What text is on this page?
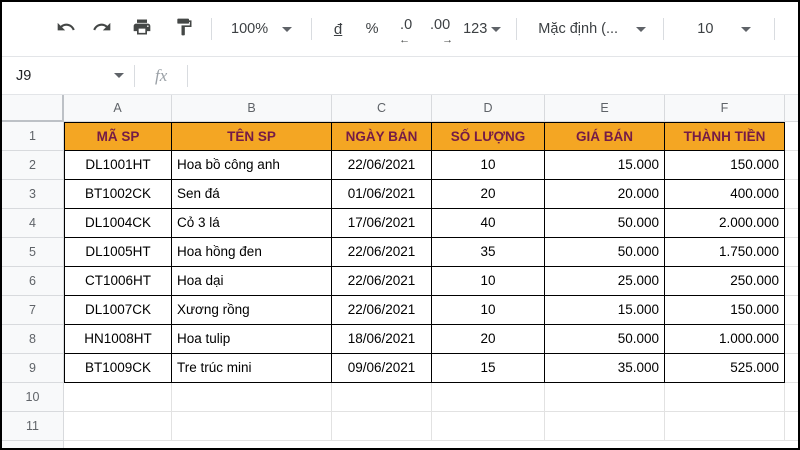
100%	đ	%	.0
←
.00
→
123	Mặc định (...	10
J9	fx
A	B	C	D	E	F
1	MÃ SP	TÊN SP	NGÀY BÁN	SỐ LƯỢNG	GIÁ BÁN	THÀNH TIỀN
2	DL1001HT	Hoa bồ công anh	22/06/2021	10	15.000	150.000
3	BT1002CK	Sen đá	01/06/2021	20	20.000	400.000
4	DL1004CK	Cỏ 3 lá	17/06/2021	40	50.000	2.000.000
5	DL1005HT	Hoa hồng đen	22/06/2021	35	50.000	1.750.000
6	CT1006HT	Hoa dại	22/06/2021	10	25.000	250.000
7	DL1007CK	Xương rồng	22/06/2021	10	15.000	150.000
8	HN1008HT	Hoa tulip	18/06/2021	20	50.000	1.000.000
9	BT1009CK	Tre trúc mini	09/06/2021	15	35.000	525.000
10
11
